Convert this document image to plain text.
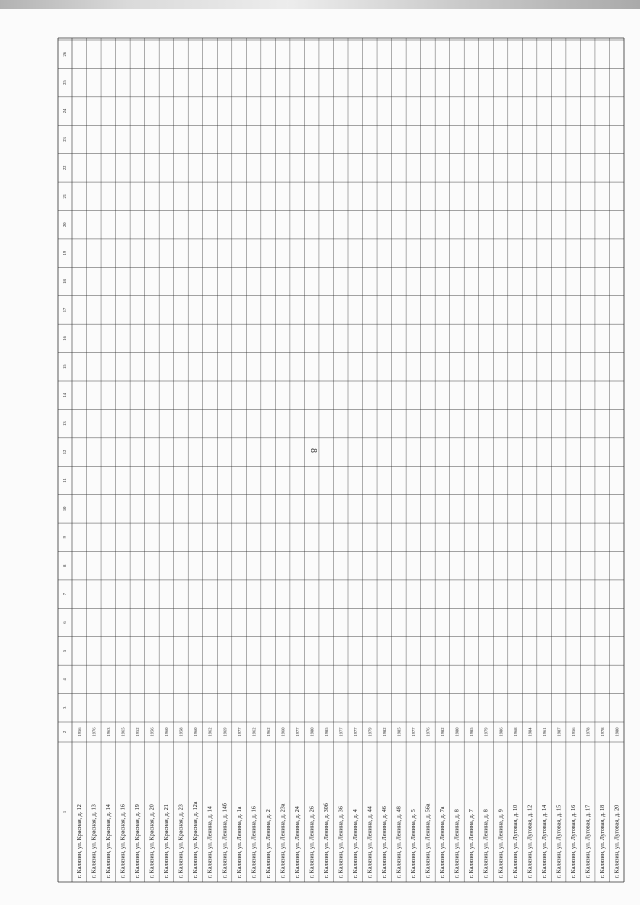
1
2
3
4
5
6
7
8
9
10
11
12
13
14
15
16
17
18
19
20
21
22
23
24
25
26
г. Калязин, ул. Красная, д. 12
1956
г. Калязин, ул. Красная, д. 13
1976
г. Калязин, ул. Красная, д. 14
1963
г. Калязин, ул. Красная, д. 16
1965
г. Калязин, ул. Красная, д. 19
1952
г. Калязин, ул. Красная, д. 20
1956
г. Калязин, ул. Красная, д. 21
1960
г. Калязин, ул. Красная, д. 23
1958
г. Калязин, ул. Красная, д. 12а
1960
г. Калязин, ул. Ленина, д. 14
1962
г. Калязин, ул. Ленина, д. 14б
1969
г. Калязин, ул. Ленина, д. 1а
1977
г. Калязин, ул. Ленина, д. 16
1962
г. Калязин, ул. Ленина, д. 2
1962
г. Калязин, ул. Ленина, д. 23а
1960
г. Калязин, ул. Ленина, д. 24
1977
г. Калязин, ул. Ленина, д. 26
1980
г. Калязин, ул. Ленина, д. 30б
1985
г. Калязин, ул. Ленина, д. 36
1977
г. Калязин, ул. Ленина, д. 4
1977
г. Калязин, ул. Ленина, д. 44
1979
г. Калязин, ул. Ленина, д. 46
1982
г. Калязин, ул. Ленина, д. 48
1985
г. Калязин, ул. Ленина, д. 5
1977
г. Калязин, ул. Ленина, д. 56а
1976
г. Калязин, ул. Ленина, д. 7а
1982
г. Калязин, ул. Ленина, д. 8
1980
г. Калязин, ул. Ленина, д. 7
1985
г. Калязин, ул. Ленина, д. 8
1979
г. Калязин, ул. Ленина, д. 9
1986
г. Калязин, ул. Луговая, д. 10
1968
г. Калязин, ул. Луговая, д. 12
1984
г. Калязин, ул. Луговая, д. 14
1961
г. Калязин, ул. Луговая, д. 15
1987
г. Калязин, ул. Луговая, д. 16
1956
г. Калязин, ул. Луговая, д. 17
1978
г. Калязин, ул. Луговая, д. 18
1978
г. Калязин, ул. Луговая, д. 20
1980
8
